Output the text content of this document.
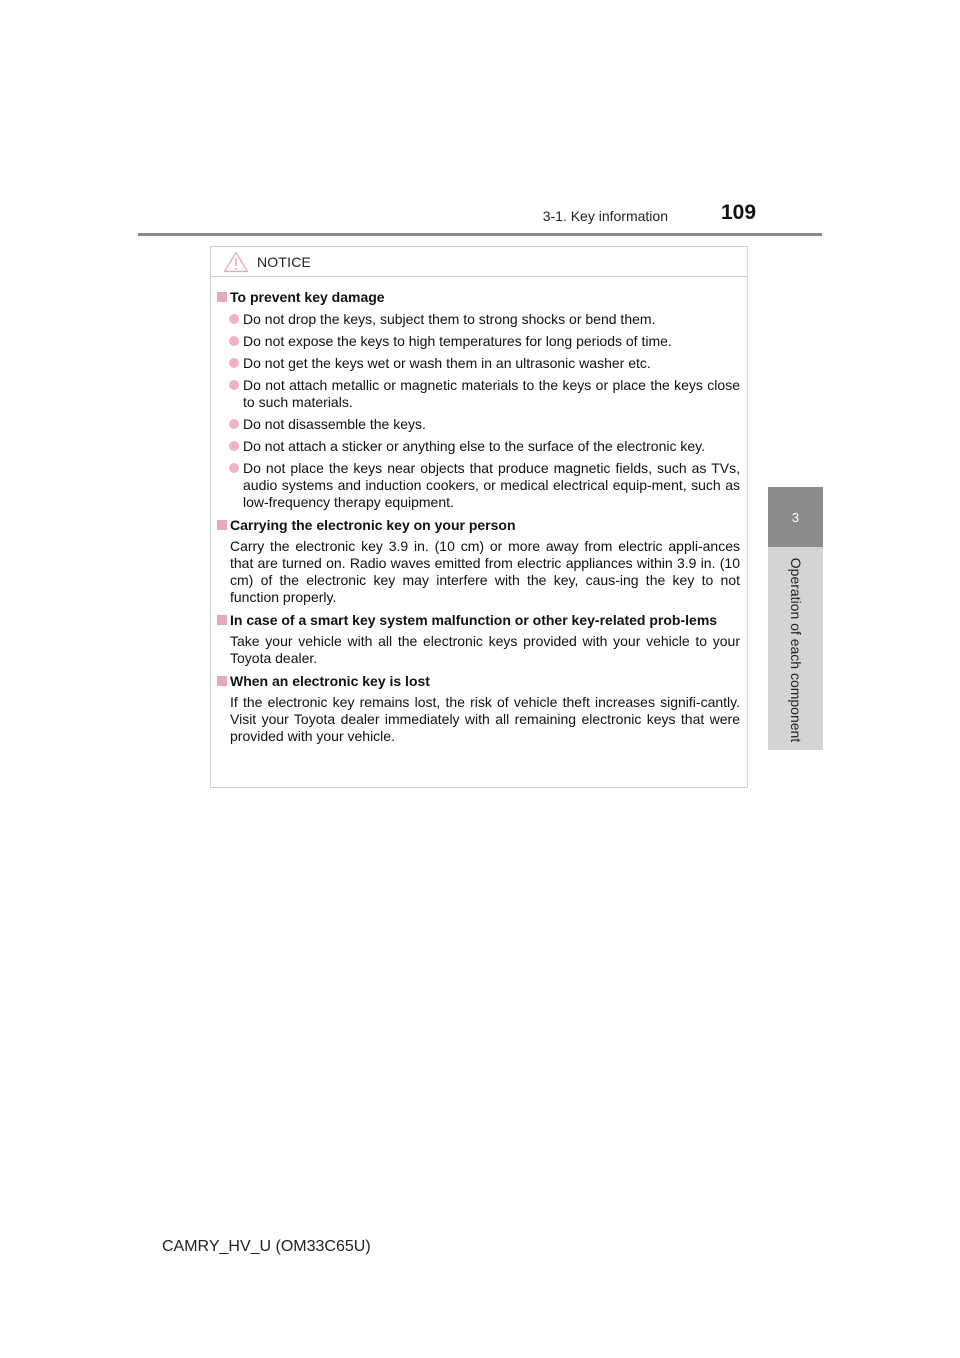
3-1. Key information	109
3
Operation of each component
NOTICE
To prevent key damage
Do not drop the keys, subject them to strong shocks or bend them.
Do not expose the keys to high temperatures for long periods of time.
Do not get the keys wet or wash them in an ultrasonic washer etc.
Do not attach metallic or magnetic materials to the keys or place the keys close to such materials.
Do not disassemble the keys.
Do not attach a sticker or anything else to the surface of the electronic key.
Do not place the keys near objects that produce magnetic fields, such as TVs, audio systems and induction cookers, or medical electrical equip-ment, such as low-frequency therapy equipment.
Carrying the electronic key on your person
Carry the electronic key 3.9 in. (10 cm) or more away from electric appli-ances that are turned on. Radio waves emitted from electric appliances within 3.9 in. (10 cm) of the electronic key may interfere with the key, caus-ing the key to not function properly.
In case of a smart key system malfunction or other key-related prob-lems
Take your vehicle with all the electronic keys provided with your vehicle to your Toyota dealer.
When an electronic key is lost
If the electronic key remains lost, the risk of vehicle theft increases signifi-cantly. Visit your Toyota dealer immediately with all remaining electronic keys that were provided with your vehicle.
CAMRY_HV_U (OM33C65U)
